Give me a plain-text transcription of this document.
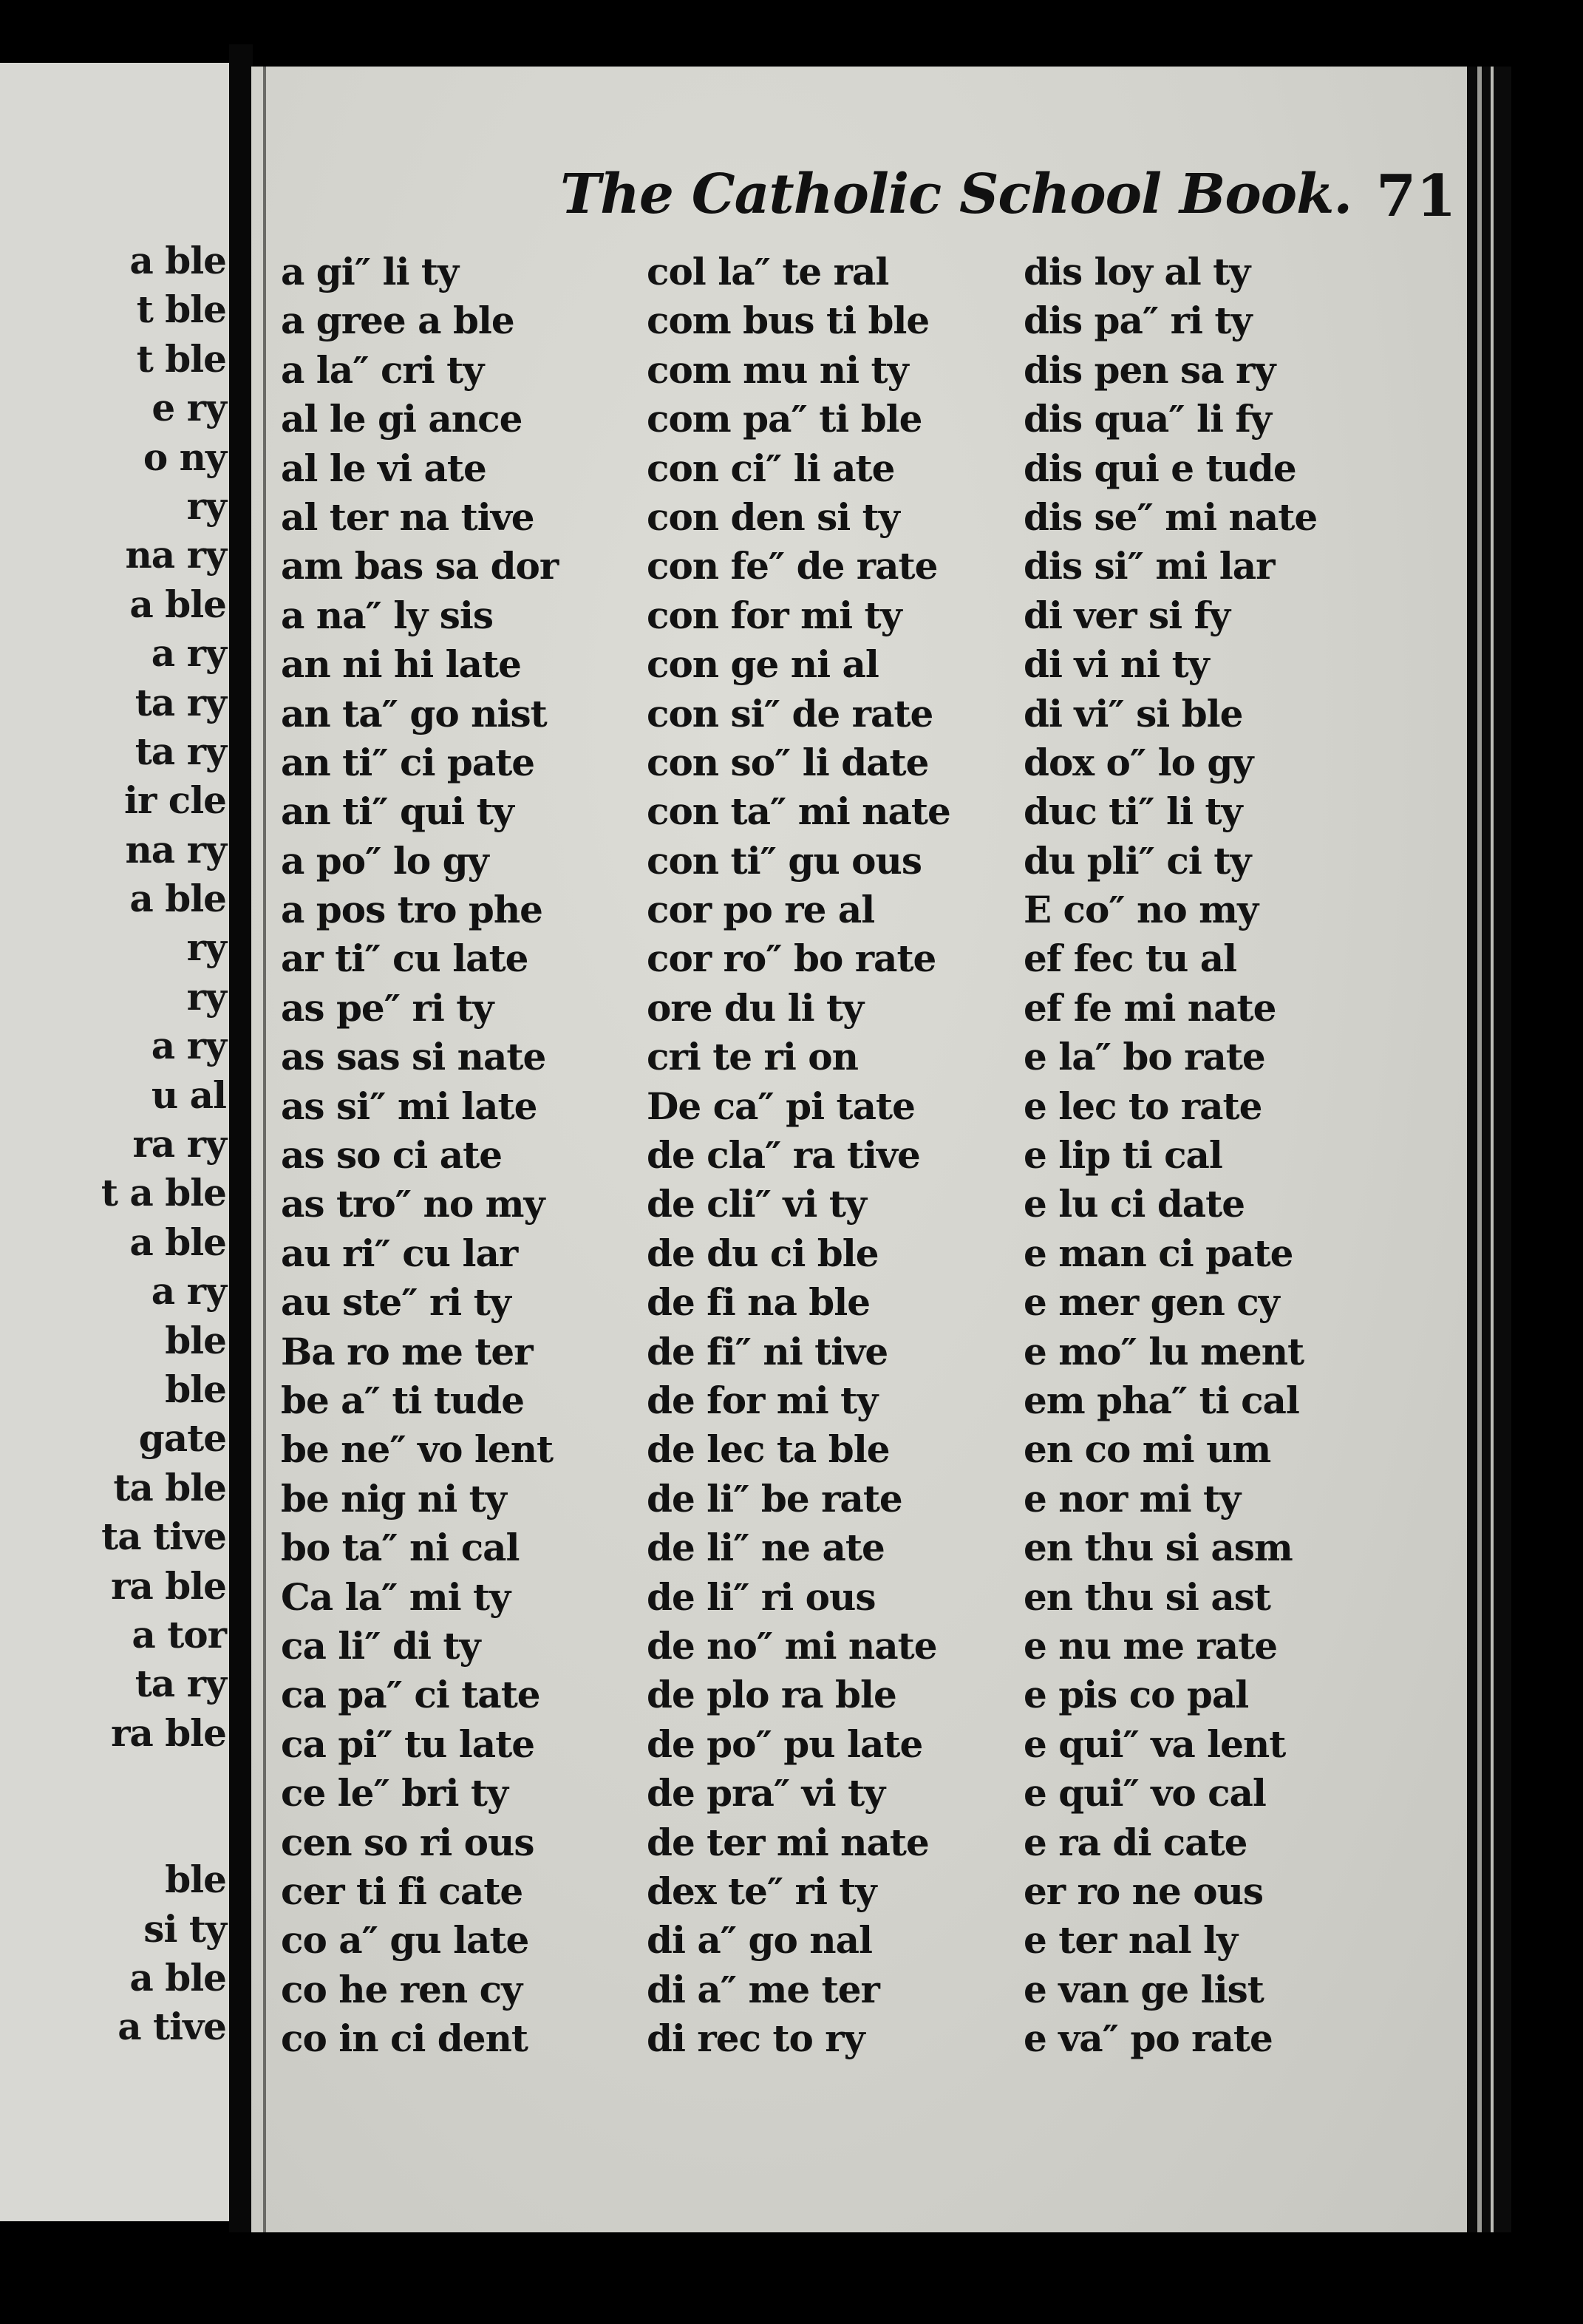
a ble
t ble
t ble
e ry
o ny
ry
na ry
a ble
a ry
ta ry
ta ry
ir cle
na ry
a ble
ry
ry
a ry
u al
ra ry
t a ble
a ble
a ry
ble
ble
gate
ta ble
ta tive
ra ble
a tor
ta ry
ra ble
ble
si ty
a ble
a tive
The Catholic School Book. 71
a gi″ li ty
a gree a ble
a la″ cri ty
al le gi ance
al le vi ate
al ter na tive
am bas sa dor
a na″ ly sis
an ni hi late
an ta″ go nist
an ti″ ci pate
an ti″ qui ty
a po″ lo gy
a pos tro phe
ar ti″ cu late
as pe″ ri ty
as sas si nate
as si″ mi late
as so ci ate
as tro″ no my
au ri″ cu lar
au ste″ ri ty
Ba ro me ter
be a″ ti tude
be ne″ vo lent
be nig ni ty
bo ta″ ni cal
Ca la″ mi ty
ca li″ di ty
ca pa″ ci tate
ca pi″ tu late
ce le″ bri ty
cen so ri ous
cer ti fi cate
co a″ gu late
co he ren cy
co in ci dent
col la″ te ral
com bus ti ble
com mu ni ty
com pa″ ti ble
con ci″ li ate
con den si ty
con fe″ de rate
con for mi ty
con ge ni al
con si″ de rate
con so″ li date
con ta″ mi nate
con ti″ gu ous
cor po re al
cor ro″ bo rate
ore du li ty
cri te ri on
De ca″ pi tate
de cla″ ra tive
de cli″ vi ty
de du ci ble
de fi na ble
de fi″ ni tive
de for mi ty
de lec ta ble
de li″ be rate
de li″ ne ate
de li″ ri ous
de no″ mi nate
de plo ra ble
de po″ pu late
de pra″ vi ty
de ter mi nate
dex te″ ri ty
di a″ go nal
di a″ me ter
di rec to ry
dis loy al ty
dis pa″ ri ty
dis pen sa ry
dis qua″ li fy
dis qui e tude
dis se″ mi nate
dis si″ mi lar
di ver si fy
di vi ni ty
di vi″ si ble
dox o″ lo gy
duc ti″ li ty
du pli″ ci ty
E co″ no my
ef fec tu al
ef fe mi nate
e la″ bo rate
e lec to rate
e lip ti cal
e lu ci date
e man ci pate
e mer gen cy
e mo″ lu ment
em pha″ ti cal
en co mi um
e nor mi ty
en thu si asm
en thu si ast
e nu me rate
e pis co pal
e qui″ va lent
e qui″ vo cal
e ra di cate
er ro ne ous
e ter nal ly
e van ge list
e va″ po rate
